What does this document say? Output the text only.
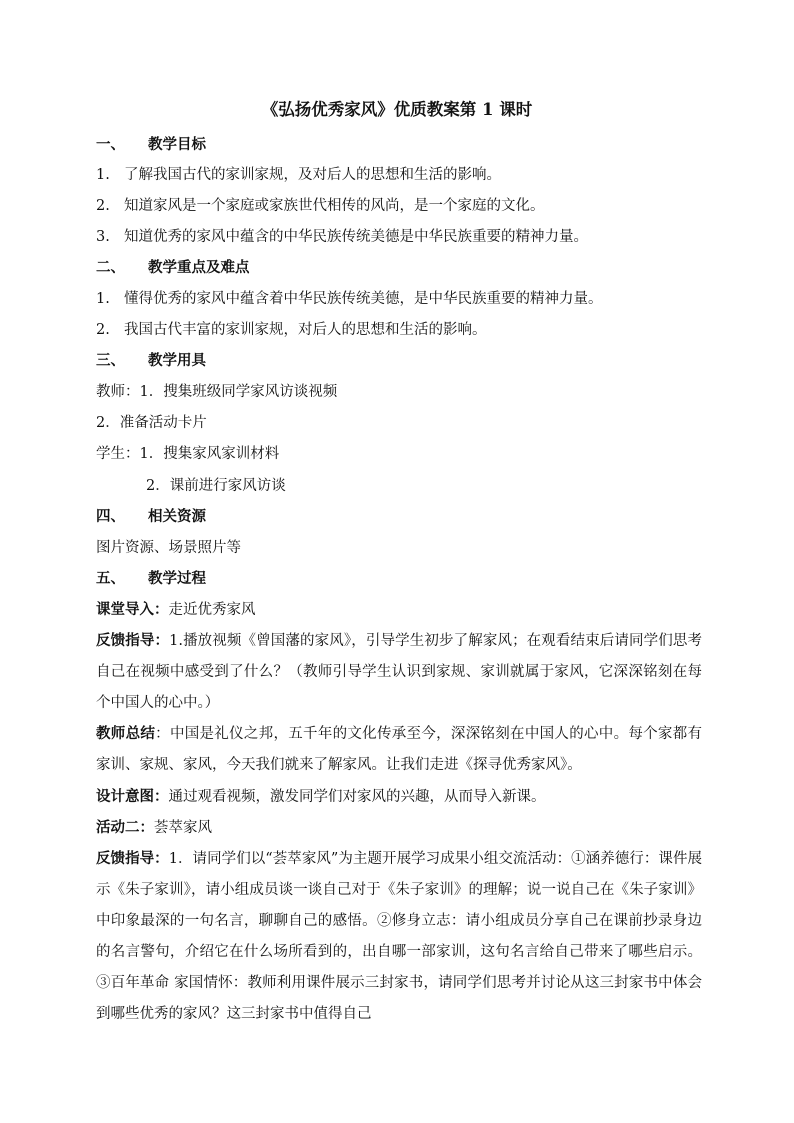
《弘扬优秀家风》优质教案第 1 课时
一、 教学目标
1. 了解我国古代的家训家规，及对后人的思想和生活的影响。
2. 知道家风是一个家庭或家族世代相传的风尚，是一个家庭的文化。
3. 知道优秀的家风中蕴含的中华民族传统美德是中华民族重要的精神力量。
二、 教学重点及难点
1. 懂得优秀的家风中蕴含着中华民族传统美德，是中华民族重要的精神力量。
2. 我国古代丰富的家训家规，对后人的思想和生活的影响。
三、 教学用具
教师：1．搜集班级同学家风访谈视频
2．准备活动卡片
学生：1．搜集家风家训材料
2．课前进行家风访谈
四、 相关资源
图片资源、场景照片等
五、 教学过程
课堂导入：走近优秀家风
反馈指导：1.播放视频《曾国藩的家风》，引导学生初步了解家风；在观看结束后请同学们思考自己在视频中感受到了什么？（教师引导学生认识到家规、家训就属于家风，它深深铭刻在每个中国人的心中。）
教师总结：中国是礼仪之邦，五千年的文化传承至今，深深铭刻在中国人的心中。每个家都有家训、家规、家风，今天我们就来了解家风。让我们走进《探寻优秀家风》。
设计意图：通过观看视频，激发同学们对家风的兴趣，从而导入新课。
活动二：荟萃家风
反馈指导：1．请同学们以“荟萃家风”为主题开展学习成果小组交流活动：①涵养德行：课件展示《朱子家训》，请小组成员谈一谈自己对于《朱子家训》的理解；说一说自己在《朱子家训》中印象最深的一句名言，聊聊自己的感悟。②修身立志：请小组成员分享自己在课前抄录身边的名言警句，介绍它在什么场所看到的，出自哪一部家训，这句名言给自己带来了哪些启示。③百年革命 家国情怀：教师利用课件展示三封家书，请同学们思考并讨论从这三封家书中体会到哪些优秀的家风？这三封家书中值得自己
